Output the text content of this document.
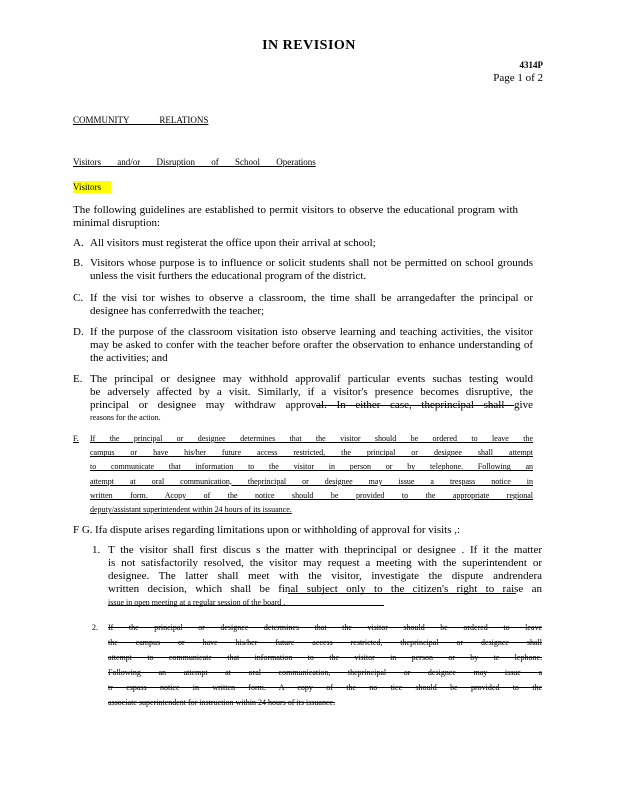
IN REVISION
4314P
Page 1 of 2
COMMUNITY RELATIONS
Visitors and/or Disruption of School Operations
Visitors
The following guidelines are established to permit visitors to observe the educational program with minimal disruption:
A. All visitors must registerat the office upon their arrival at school;
B. Visitors whose purpose is to influence or solicit students shall not be permitted on school grounds unless the visit furthers the educational program of the district.
C. If the visi tor wishes to observe a classroom, the time shall be arrangedafter the principal or
designee has conferredwith the teacher;
D. If the purpose of the classroom visitation isto observe learning and teaching activities, the visitor may be asked to confer with the teacher before orafter the observation to enhance understanding of the activities; and
E. The principal or designee may withhold approvalif particular events suchas testing would
be adversely affected by a visit. Similarly, if a visitor's presence becomes disruptive, the
principal or designee may withdraw approval. In either case, theprincipal shall give
reasons for the action.
F. If the principal or designee determines that the visitor should be ordered to leave the
campus or have his/her future access restricted, the principal or designee shall attempt
to communicate that information to the visitor in person or by telephone. Following an
attempt at oral communication, theprincipal or designee may issue a trespass notice in
written form. Acopy of the notice should be provided to the appropriate regional
deputy/assistant superintendent within 24 hours of its issuance.
F G. Ifa dispute arises regarding limitations upon or withholding of approval for visits ,:
1. T the visitor shall first discus s the matter with theprincipal or designee . If it the matter
is not satisfactorily resolved, the visitor may request a meeting with the superintendent or
designee. The latter shall meet with the visitor, investigate the dispute andrendera
written decision, which shall be final subject only to the citizen's right to raise an
issue in open meeting at a regular session of the board .
2. If the principal or designee determines that the visitor should be ordered to leave
the campus or have his/her future access restricted, theprincipal or designee shall
attempt to communicate that information to the visitor in person or by te lephone.
Following an attempt at oral communication, theprincipal or designee may issue a
tr espass notice in written form. A copy of the no tice should be provided to the
associate superintendent for instruction within 24 hours of its issuance.
